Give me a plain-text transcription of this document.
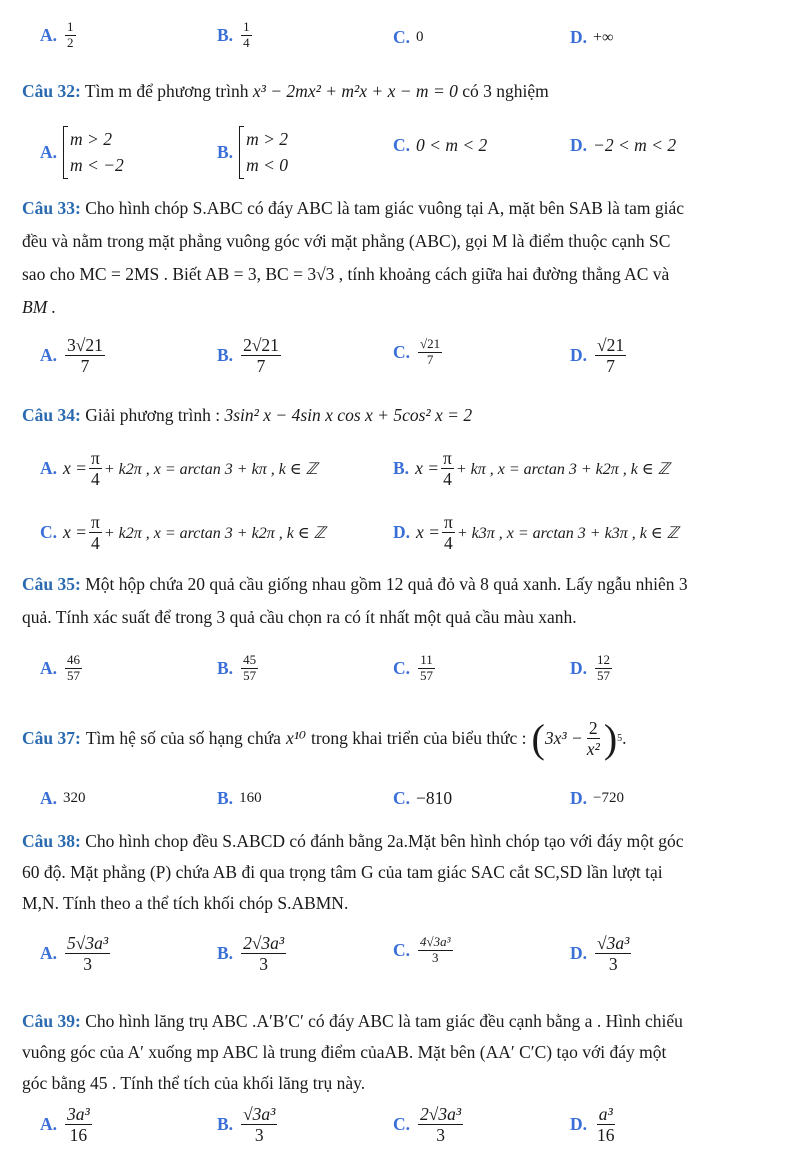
A. $\frac{1}{2}$	B. $\frac{1}{4}$	C. 0	D. +∞
Câu 32: Tìm m để phương trình x³ − 2mx² + m²x + x − m = 0 có 3 nghiệm
A.
m > 2
m < −2
B.
m > 2
m < 0
C. 0 < m < 2	D. −2 < m < 2
Câu 33: Cho hình chóp S.ABC có đáy ABC là tam giác vuông tại A, mặt bên SAB là tam giác
đều và nằm trong mặt phẳng vuông góc với mặt phẳng (ABC), gọi M là điểm thuộc cạnh SC
sao cho MC = 2MS . Biết AB = 3, BC = 3√3 , tính khoảng cách giữa hai đường thẳng AC và
BM .
A. $\frac{3√21}{7}$	B. $\frac{2√21}{7}$	C. $\frac{√21}{7}$	D. $\frac{√21}{7}$
Câu 34: Giải phương trình : 3sin² x − 4sin x cos x + 5cos² x = 2
A. $x = \frac{\pi}{4} + k2\pi$ , x = arctan 3 + kπ , k ∈ ℤ	B. $x = \frac{\pi}{4} + k\pi$ , x = arctan 3 + k2π , k ∈ ℤ
C. $x = \frac{\pi}{4} + k2\pi$ , x = arctan 3 + k2π , k ∈ ℤ	D. $x = \frac{\pi}{4} + k3\pi$ , x = arctan 3 + k3π , k ∈ ℤ
Câu 35: Một hộp chứa 20 quả cầu giống nhau gồm 12 quả đỏ và 8 quả xanh. Lấy ngẫu nhiên 3
quả. Tính xác suất để trong 3 quả cầu chọn ra có ít nhất một quả cầu màu xanh.
A. $\frac{46}{57}$	B. $\frac{45}{57}$	C. $\frac{11}{57}$	D. $\frac{12}{57}$
Câu 37: Tìm hệ số của số hạng chứa x¹⁰ trong khai triển của biểu thức : ( $3x^3 - \frac{2}{\text{x²}}$ ) 5 .
A. 320	B. 160	C. −810	D. −720
Câu 38: Cho hình chop đều S.ABCD có đánh bằng 2a.Mặt bên hình chóp tạo với đáy một góc
60 độ. Mặt phẳng (P) chứa AB đi qua trọng tâm G của tam giác SAC cắt SC,SD lần lượt tại
M,N. Tính theo a thể tích khối chóp S.ABMN.
A. $\frac{\text{5√3a³}}{3}$	B. $\frac{\text{2√3a³}}{3}$	C. $\frac{\text{4√3a³}}{3}$	D. $\frac{\text{√3a³}}{3}$
Câu 39: Cho hình lăng trụ ABC .A′B′C′ có đáy ABC là tam giác đều cạnh bằng a . Hình chiếu
vuông góc của A′ xuống mp ABC là trung điểm củaAB. Mặt bên (AA′ C′C) tạo với đáy một
góc bằng 45 . Tính thể tích của khối lăng trụ này.
A. $\frac{\text{3a³}}{16}$	B. $\frac{\text{√3a³}}{3}$	C. $\frac{\text{2√3a³}}{3}$	D. $\frac{\text{a³}}{16}$
